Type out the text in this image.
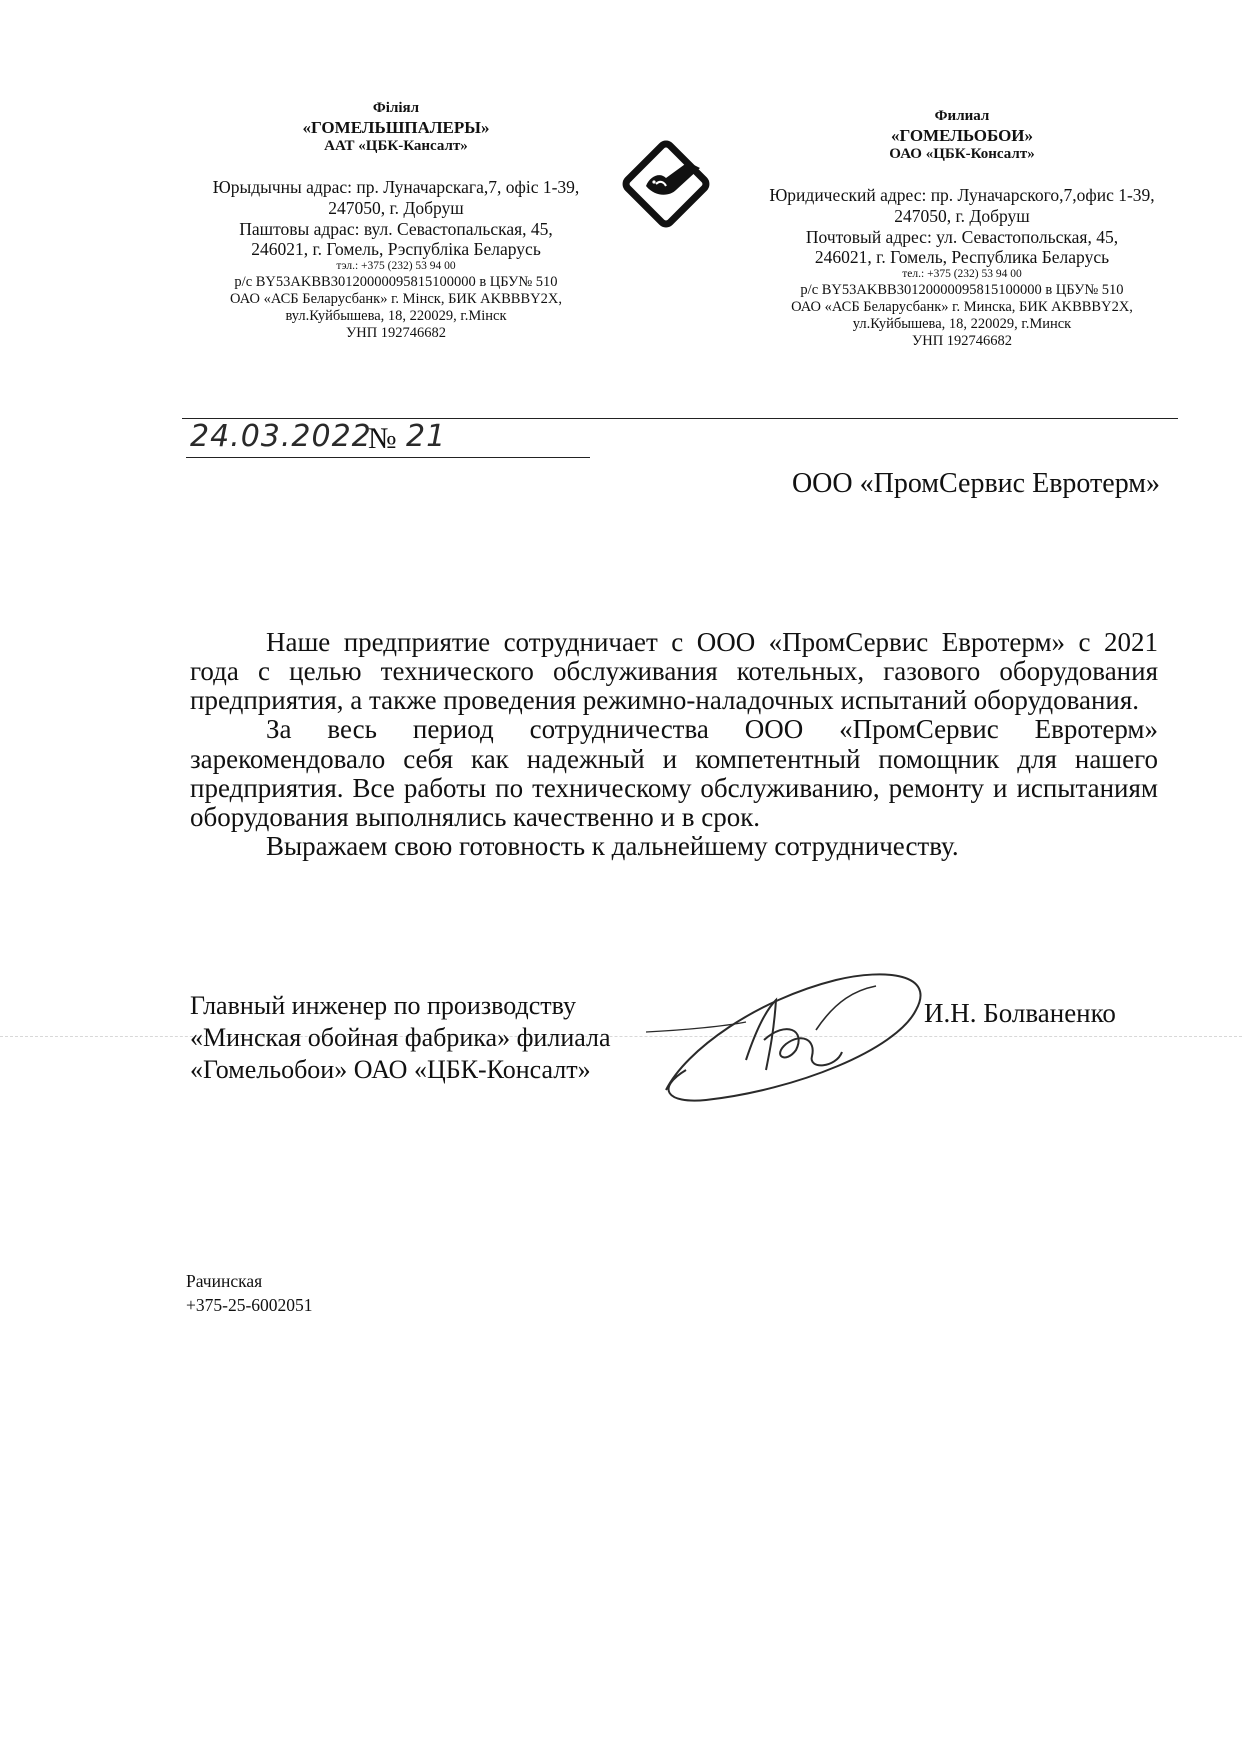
Філіял

«ГОМЕЛЬШПАЛЕРЫ»

ААТ «ЦБК-Кансалт»

Юрыдычны адрас: пр. Луначарскага,7, офіс 1-39,

247050, г. Добруш

Паштовы адрас: вул. Севастопальская, 45,

246021, г. Гомель, Рэспубліка Беларусь

тэл.: +375 (232) 53 94 00

р/с BY53AKBB30120000095815100000 в ЦБУ№ 510

ОАО «АСБ Беларусбанк» г. Мінск, БИК AKBBBY2X,

вул.Куйбышева, 18, 220029, г.Мінск

УНП 192746682

Филиал

«ГОМЕЛЬОБОИ»

ОАО «ЦБК-Консалт»

Юридический адрес: пр. Луначарского,7,офис 1-39,

247050, г. Добруш

Почтовый адрес: ул. Севастопольская, 45,

246021, г. Гомель, Республика Беларусь

тел.: +375 (232) 53 94 00

р/с BY53AKBB30120000095815100000 в ЦБУ№ 510

ОАО «АСБ Беларусбанк» г. Минска, БИК AKBBBY2X,

ул.Куйбышева, 18, 220029, г.Минск

УНП 192746682

24.03.2022
№ 21
ООО «ПромСервис Евротерм»

Наше предприятие сотрудничает с ООО «ПромСервис Евротерм» с 2021 года с целью технического обслуживания котельных, газового оборудования предприятия, а также проведения режимно-наладочных испытаний оборудования.

За весь период сотрудничества ООО «ПромСервис Евротерм» зарекомендовало себя как надежный и компетентный помощник для нашего предприятия. Все работы по техническому обслуживанию, ремонту и испытаниям оборудования выполнялись качественно и в срок.

Выражаем свою готовность к дальнейшему сотрудничеству.

Главный инженер по производству
«Минская обойная фабрика» филиала
«Гомельобои» ОАО «ЦБК-Консалт»
И.Н. Болваненко
Рачинская
+375-25-6002051
